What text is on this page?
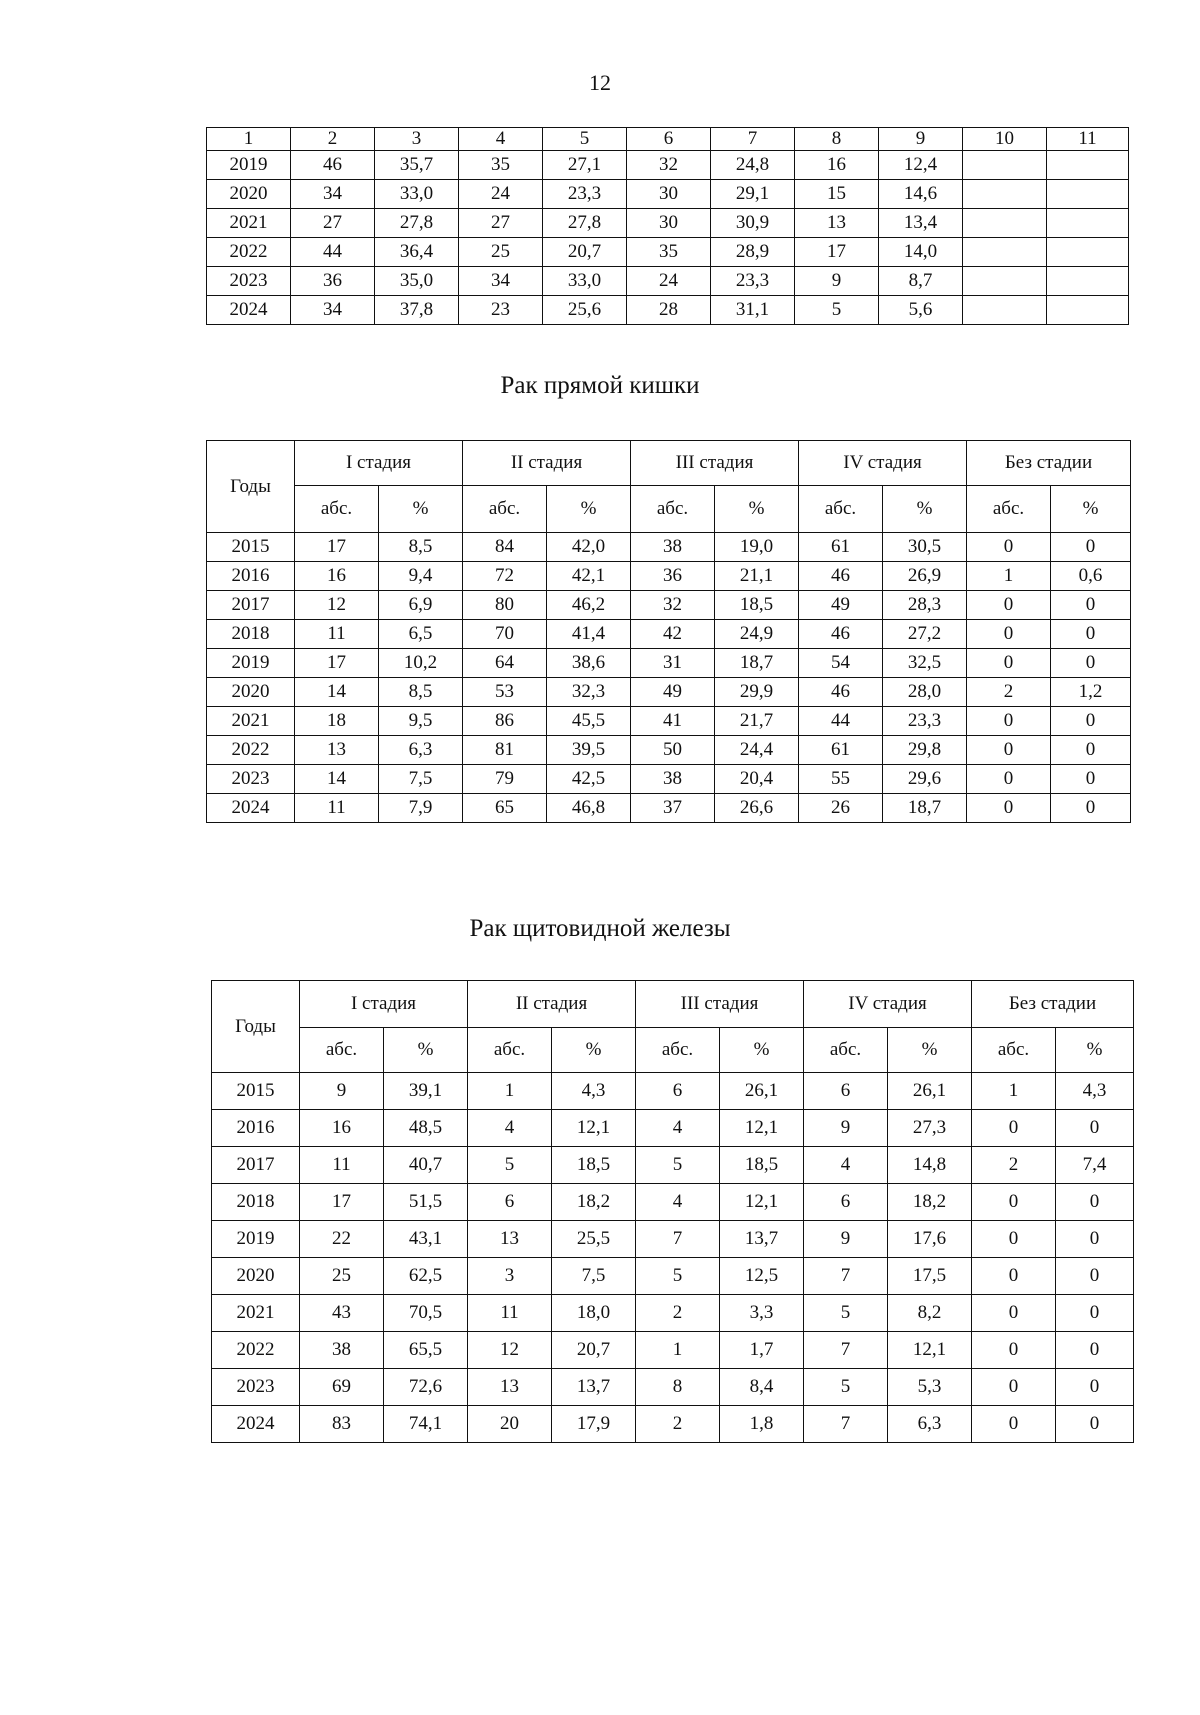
12
1	2	3	4	5	6	7	8	9	10	11
2019	46	35,7	35	27,1	32	24,8	16	12,4		
2020	34	33,0	24	23,3	30	29,1	15	14,6		
2021	27	27,8	27	27,8	30	30,9	13	13,4		
2022	44	36,4	25	20,7	35	28,9	17	14,0		
2023	36	35,0	34	33,0	24	23,3	9	8,7		
2024	34	37,8	23	25,6	28	31,1	5	5,6		
Рак прямой кишки
Годы	I стадия		II стадия		III стадия		IV стадия		Без стадии	
	абс.	%	абс.	%	абс.	%	абс.	%	абс.	%
2015	17	8,5	84	42,0	38	19,0	61	30,5	0	0
2016	16	9,4	72	42,1	36	21,1	46	26,9	1	0,6
2017	12	6,9	80	46,2	32	18,5	49	28,3	0	0
2018	11	6,5	70	41,4	42	24,9	46	27,2	0	0
2019	17	10,2	64	38,6	31	18,7	54	32,5	0	0
2020	14	8,5	53	32,3	49	29,9	46	28,0	2	1,2
2021	18	9,5	86	45,5	41	21,7	44	23,3	0	0
2022	13	6,3	81	39,5	50	24,4	61	29,8	0	0
2023	14	7,5	79	42,5	38	20,4	55	29,6	0	0
2024	11	7,9	65	46,8	37	26,6	26	18,7	0	0
Рак щитовидной железы
Годы	I стадия		II стадия		III стадия		IV стадия		Без стадии	
	абс.	%	абс.	%	абс.	%	абс.	%	абс.	%
2015	9	39,1	1	4,3	6	26,1	6	26,1	1	4,3
2016	16	48,5	4	12,1	4	12,1	9	27,3	0	0
2017	11	40,7	5	18,5	5	18,5	4	14,8	2	7,4
2018	17	51,5	6	18,2	4	12,1	6	18,2	0	0
2019	22	43,1	13	25,5	7	13,7	9	17,6	0	0
2020	25	62,5	3	7,5	5	12,5	7	17,5	0	0
2021	43	70,5	11	18,0	2	3,3	5	8,2	0	0
2022	38	65,5	12	20,7	1	1,7	7	12,1	0	0
2023	69	72,6	13	13,7	8	8,4	5	5,3	0	0
2024	83	74,1	20	17,9	2	1,8	7	6,3	0	0
